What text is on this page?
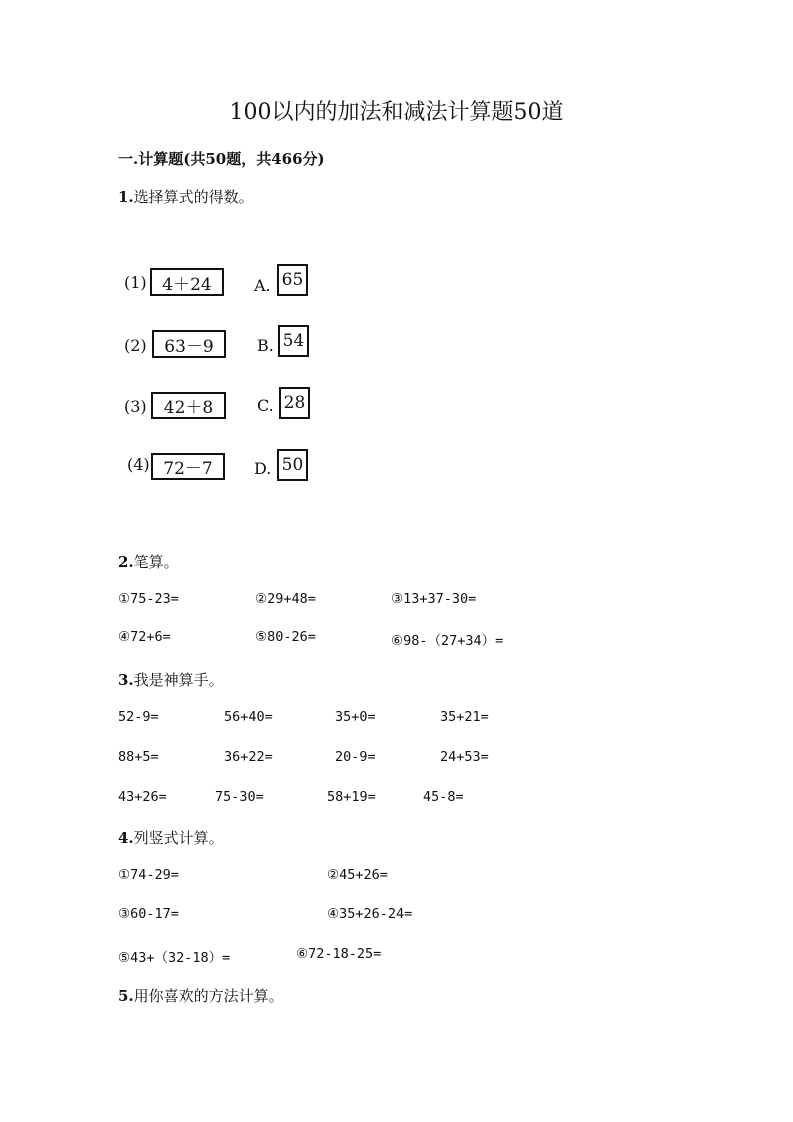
100以内的加法和减法计算题50道
一.计算题(共50题，共466分)
1.选择算式的得数。
(1) 4＋24	A. 65
(2) 63－9	B. 54
(3) 42＋8	C. 28
(4) 72－7	D. 50
2.笔算。
①75-23=	②29+48=	③13+37-30=
④72+6=	⑤80-26=	⑥98-（27+34）=
3.我是神算手。
52-9=	56+40=	35+0=	35+21=
88+5=	36+22=	20-9=	24+53=
43+26=	75-30=	58+19=	45-8=
4.列竖式计算。
①74-29=	②45+26=
③60-17=	④35+26-24=
⑤43+（32-18）=	⑥72-18-25=
5.用你喜欢的方法计算。
